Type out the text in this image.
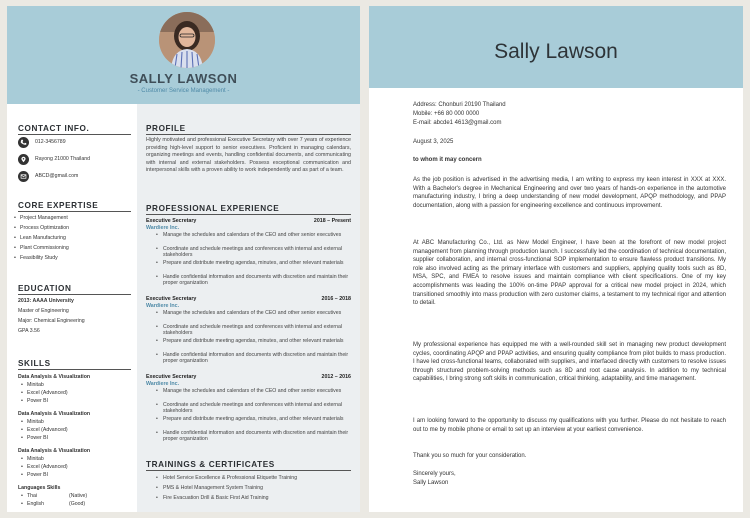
SALLY LAWSON
- Customer Service Management -
CONTACT INFO.
012-3456789
Rayong 21000 Thailand
ABCD@gmail.com
CORE EXPERTISE
• Project Management
• Process Optimization
• Lean Manufacturing
• Plant Commissioning
• Feasibility Study
EDUCATION
2013: AAAA University
Master of Engineering
Major: Chemical Engineering
GPA 3.56
SKILLS
Data Analysis & Visualization
• Minitab
• Excel (Advanced)
• Power BI
Data Analysis & Visualization
• Minitab
• Excel (Advanced)
• Power BI
Data Analysis & Visualization
• Minitab
• Excel (Advanced)
• Power BI
Languages Skills
• Thai	(Native)
• English	(Good)
PROFILE
Highly motivated and professional Executive Secretary with over 7 years of experience providing high-level support to senior executives. Proficient in managing calendars, organizing meetings and events, handling confidential documents, and communicating with internal and external stakeholders. Possess exceptional communication and interpersonal skills with a proven ability to work independently and as part of a team.
PROFESSIONAL EXPERIENCE
Executive Secretary	2018 – Present
Wardiere Inc.
• Manage the schedules and calendars of the CEO and other senior executives
• Coordinate and schedule meetings and conferences with internal and external stakeholders
• Prepare and distribute meeting agendas, minutes, and other relevant materials
• Handle confidential information and documents with discretion and maintain their proper organization
Executive Secretary	2016 – 2018
Wardiere Inc.
• Manage the schedules and calendars of the CEO and other senior executives
• Coordinate and schedule meetings and conferences with internal and external stakeholders
• Prepare and distribute meeting agendas, minutes, and other relevant materials
• Handle confidential information and documents with discretion and maintain their proper organization
Executive Secretary	2012 – 2016
Wardiere Inc.
• Manage the schedules and calendars of the CEO and other senior executives
• Coordinate and schedule meetings and conferences with internal and external stakeholders
• Prepare and distribute meeting agendas, minutes, and other relevant materials
• Handle confidential information and documents with discretion and maintain their proper organization
TRAININGS & CERTIFICATES
• Hotel Service Excellence & Professional Etiquette Training
• PMS & Hotel Management System Training
• Fire Evacuation Drill & Basic First Aid Training
Sally Lawson
Address: Chonburi 20190 Thailand
Mobile: +66 80 000 0000
E-mail: abcde1 4613@gmail.com
August 3, 2025
to whom it may concern
As the job position is advertised in the advertising media, I am writing to express my keen interest in XXX at XXX. With a Bachelor's degree in Mechanical Engineering and over two years of hands-on experience in the automotive manufacturing industry, I bring a deep understanding of new model development, APQP methodology, and PPAP documentation, along with a passion for engineering excellence and continuous improvement.
At ABC Manufacturing Co., Ltd. as New Model Engineer, I have been at the forefront of new model project management from planning through production launch. I successfully led the coordination of technical documentation, supplier collaboration, and internal cross-functional SOP implementation to ensure flawless product transitions. My role also involved acting as the primary interface with customers and suppliers, applying quality tools such as 8D, MSA, SPC, and FMEA to resolve issues and maintain compliance with client specifications. One of my key accomplishments was leading the 100% on-time PPAP approval for a critical new model project in 2024, which transitioned smoothly into mass production with zero customer claims, a testament to my technical rigor and attention to detail.
My professional experience has equipped me with a well-rounded skill set in managing new product development cycles, coordinating APQP and PPAP activities, and ensuring quality compliance from pilot builds to mass production. I have led cross-functional teams, collaborated with suppliers, and interfaced directly with customers to resolve issues through structured problem-solving methods such as 8D and root cause analysis. In addition to my technical capabilities, I bring strong soft skills in communication, critical thinking, adaptability, and time management.
I am looking forward to the opportunity to discuss my qualifications with you further. Please do not hesitate to reach out to me by mobile phone or email to set up an interview at your earliest convenience.
Thank you so much for your consideration.
Sincerely yours,
Sally Lawson
